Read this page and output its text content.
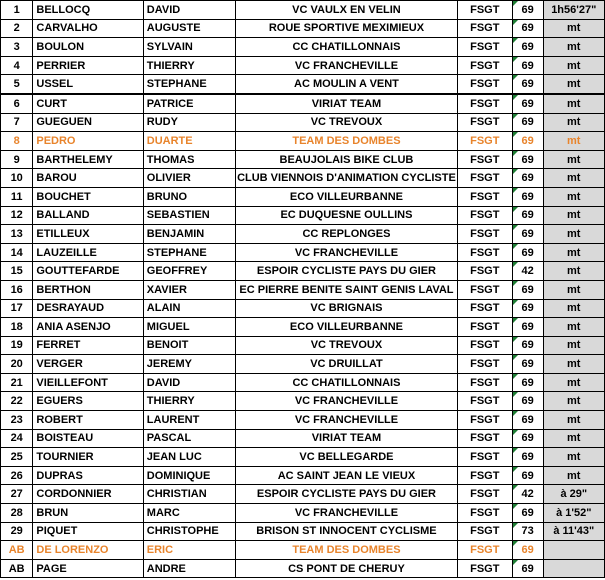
1	BELLOCQ	DAVID	VC VAULX EN VELIN	FSGT	69	1h56'27"
2	CARVALHO	AUGUSTE	ROUE SPORTIVE MEXIMIEUX	FSGT	69	mt
3	BOULON	SYLVAIN	CC CHATILLONNAIS	FSGT	69	mt
4	PERRIER	THIERRY	VC FRANCHEVILLE	FSGT	69	mt
5	USSEL	STEPHANE	AC MOULIN A VENT	FSGT	69	mt
6	CURT	PATRICE	VIRIAT TEAM	FSGT	69	mt
7	GUEGUEN	RUDY	VC TREVOUX	FSGT	69	mt
8	PEDRO	DUARTE	TEAM DES DOMBES	FSGT	69	mt
9	BARTHELEMY	THOMAS	BEAUJOLAIS BIKE CLUB	FSGT	69	mt
10	BAROU	OLIVIER	CLUB VIENNOIS D'ANIMATION CYCLISTE	FSGT	69	mt
11	BOUCHET	BRUNO	ECO VILLEURBANNE	FSGT	69	mt
12	BALLAND	SEBASTIEN	EC DUQUESNE OULLINS	FSGT	69	mt
13	ETILLEUX	BENJAMIN	CC REPLONGES	FSGT	69	mt
14	LAUZEILLE	STEPHANE	VC FRANCHEVILLE	FSGT	69	mt
15	GOUTTEFARDE	GEOFFREY	ESPOIR CYCLISTE PAYS DU GIER	FSGT	42	mt
16	BERTHON	XAVIER	EC PIERRE BENITE SAINT GENIS LAVAL	FSGT	69	mt
17	DESRAYAUD	ALAIN	VC BRIGNAIS	FSGT	69	mt
18	ANIA ASENJO	MIGUEL	ECO VILLEURBANNE	FSGT	69	mt
19	FERRET	BENOIT	VC TREVOUX	FSGT	69	mt
20	VERGER	JEREMY	VC DRUILLAT	FSGT	69	mt
21	VIEILLEFONT	DAVID	CC CHATILLONNAIS	FSGT	69	mt
22	EGUERS	THIERRY	VC FRANCHEVILLE	FSGT	69	mt
23	ROBERT	LAURENT	VC FRANCHEVILLE	FSGT	69	mt
24	BOISTEAU	PASCAL	VIRIAT TEAM	FSGT	69	mt
25	TOURNIER	JEAN LUC	VC BELLEGARDE	FSGT	69	mt
26	DUPRAS	DOMINIQUE	AC SAINT JEAN LE VIEUX	FSGT	69	mt
27	CORDONNIER	CHRISTIAN	ESPOIR CYCLISTE PAYS DU GIER	FSGT	42	à 29"
28	BRUN	MARC	VC FRANCHEVILLE	FSGT	69	à 1'52"
29	PIQUET	CHRISTOPHE	BRISON ST INNOCENT CYCLISME	FSGT	73	à 11'43"
AB	DE LORENZO	ERIC	TEAM DES DOMBES	FSGT	69	
AB	PAGE	ANDRE	CS PONT DE CHERUY	FSGT	69	
